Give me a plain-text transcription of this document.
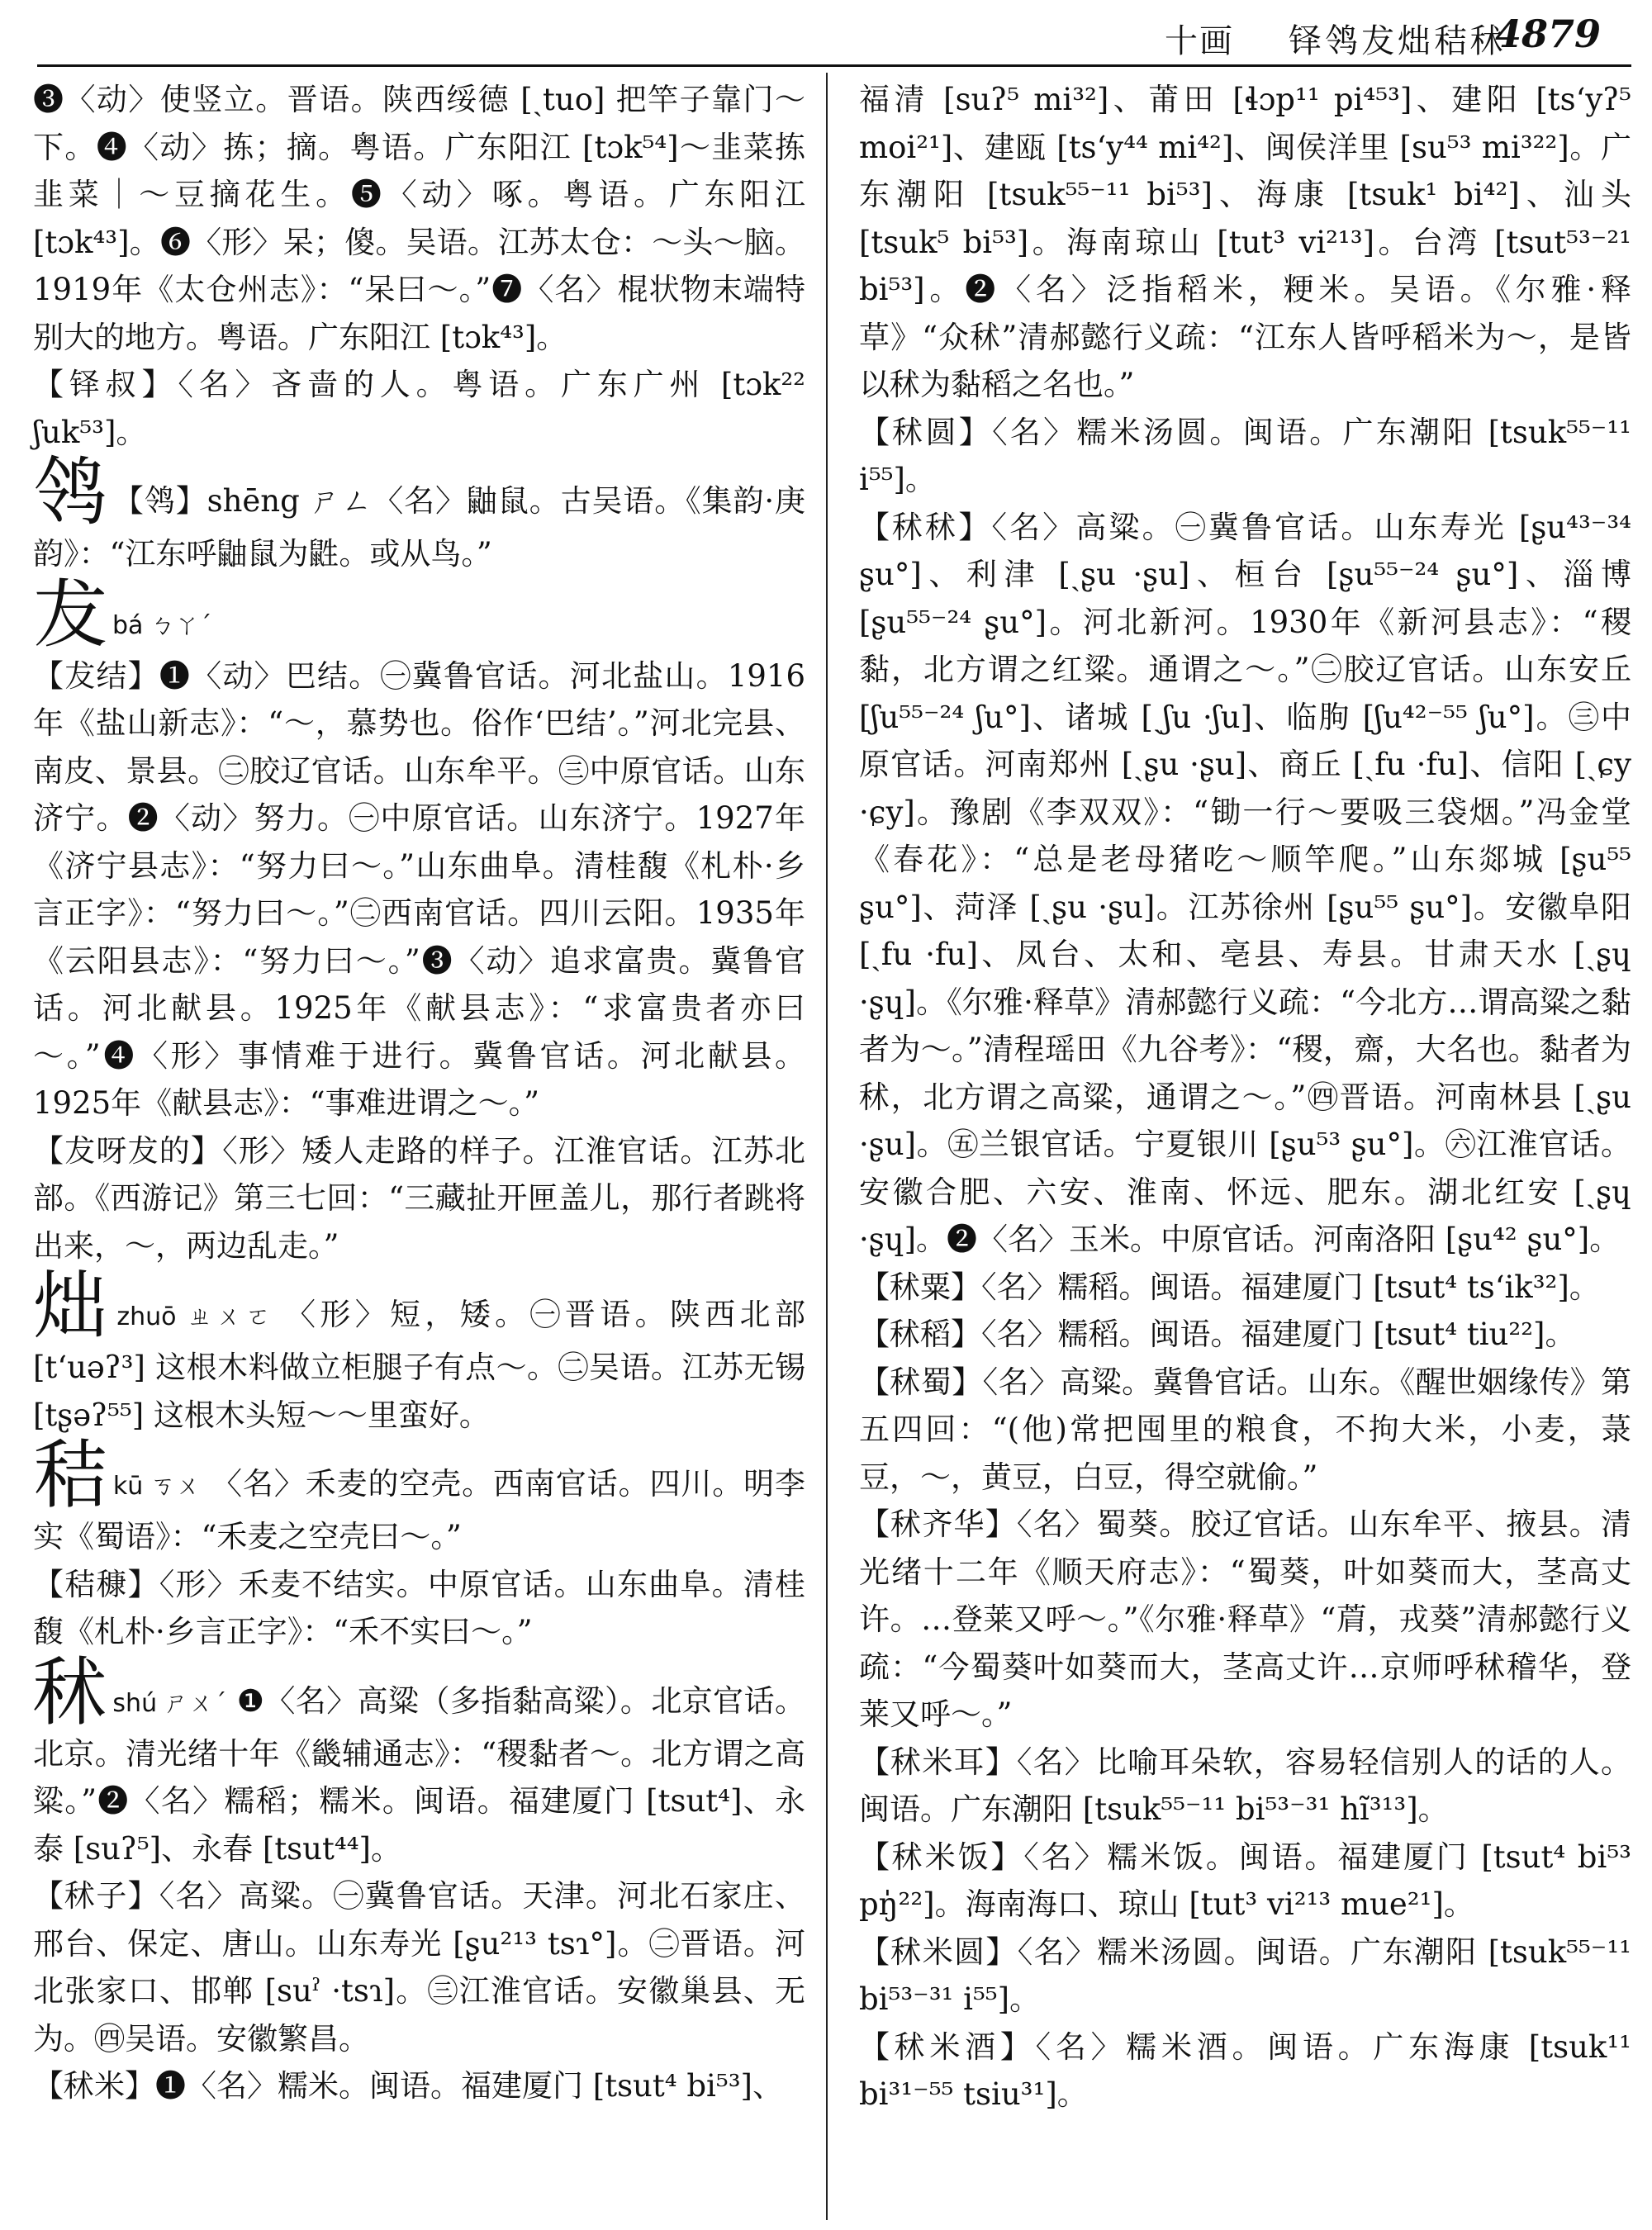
十画 铎鸰犮炪秸秫
4879
❸〈动〉使竖立。晋语。陕西绥德 [ˏtuo] 把竿子靠门～下。❹〈动〉拣；摘。粤语。广东阳江 [tɔk⁵⁴]～韭菜拣韭菜｜～豆摘花生。❺〈动〉啄。粤语。广东阳江 [tɔk⁴³]。❻〈形〉呆；傻。吴语。江苏太仓：～头～脑。1919年《太仓州志》：“呆曰～。”❼〈名〉棍状物末端特别大的地方。粤语。广东阳江 [tɔk⁴³]。
【铎叔】〈名〉吝啬的人。粤语。广东广州 [tɔk²² ʃuk⁵³]。
鸰 【鸰】shēng ㄕㄥ〈名〉鼬鼠。古吴语。《集韵·庚韵》：“江东呼鼬鼠为鼪。或从鸟。”
犮bá ㄅㄚˊ
【犮结】❶〈动〉巴结。㊀冀鲁官话。河北盐山。1916年《盐山新志》：“～，慕势也。俗作‘巴结’。”河北完县、南皮、景县。㊁胶辽官话。山东牟平。㊂中原官话。山东济宁。❷〈动〉努力。㊀中原官话。山东济宁。1927年《济宁县志》：“努力曰～。”山东曲阜。清桂馥《札朴·乡言正字》：“努力曰～。”㊁西南官话。四川云阳。1935年《云阳县志》：“努力曰～。”❸〈动〉追求富贵。冀鲁官话。河北献县。1925年《献县志》：“求富贵者亦曰～。”❹〈形〉事情难于进行。冀鲁官话。河北献县。1925年《献县志》：“事难进谓之～。”
【犮呀犮的】〈形〉矮人走路的样子。江淮官话。江苏北部。《西游记》第三七回：“三藏扯开匣盖儿，那行者跳将出来，～，两边乱走。”
炪zhuō ㄓㄨㄛ 〈形〉短，矮。㊀晋语。陕西北部 [t‘uəʔ³] 这根木料做立柜腿子有点～。㊁吴语。江苏无锡 [tʂəʔ⁵⁵] 这根木头短～～里蛮好。
秸kū ㄎㄨ 〈名〉禾麦的空壳。西南官话。四川。明李实《蜀语》：“禾麦之空壳曰～。”
【秸穅】〈形〉禾麦不结实。中原官话。山东曲阜。清桂馥《札朴·乡言正字》：“禾不实曰～。”
秫shú ㄕㄨˊ ❶〈名〉高粱（多指黏高粱）。北京官话。北京。清光绪十年《畿辅通志》：“稷黏者～。北方谓之高粱。”❷〈名〉糯稻；糯米。闽语。福建厦门 [tsut⁴]、永泰 [suʔ⁵]、永春 [tsut⁴⁴]。
【秫子】〈名〉高粱。㊀冀鲁官话。天津。河北石家庄、邢台、保定、唐山。山东寿光 [ʂu²¹³ tsɿ°]。㊁晋语。河北张家口、邯郸 [suˀ ·tsɿ]。㊂江淮官话。安徽巢县、无为。㊃吴语。安徽繁昌。
【秫米】❶〈名〉糯米。闽语。福建厦门 [tsut⁴ bi⁵³]、
福清 [suʔ⁵ mi³²]、莆田 [ɬɔp¹¹ pi⁴⁵³]、建阳 [ts‘yʔ⁵ moi²¹]、建瓯 [ts‘y⁴⁴ mi⁴²]、闽侯洋里 [su⁵³ mi³²²]。广东潮阳 [tsuk⁵⁵⁻¹¹ bi⁵³]、海康 [tsuk¹ bi⁴²]、汕头 [tsuk⁵ bi⁵³]。海南琼山 [tut³ vi²¹³]。台湾 [tsut⁵³⁻²¹ bi⁵³]。❷〈名〉泛指稻米，粳米。吴语。《尔雅·释草》“众秫”清郝懿行义疏：“江东人皆呼稻米为～，是皆以秫为黏稻之名也。”
【秫圆】〈名〉糯米汤圆。闽语。广东潮阳 [tsuk⁵⁵⁻¹¹ i⁵⁵]。
【秫秫】〈名〉高粱。㊀冀鲁官话。山东寿光 [ʂu⁴³⁻³⁴ ʂu°]、利津 [ˏʂu ·ʂu]、桓台 [ʂu⁵⁵⁻²⁴ ʂu°]、淄博 [ʂu⁵⁵⁻²⁴ ʂu°]。河北新河。1930年《新河县志》：“稷黏，北方谓之红粱。通谓之～。”㊁胶辽官话。山东安丘 [ʃu⁵⁵⁻²⁴ ʃu°]、诸城 [ˏʃu ·ʃu]、临朐 [ʃu⁴²⁻⁵⁵ ʃu°]。㊂中原官话。河南郑州 [ˏʂu ·ʂu]、商丘 [ˏfu ·fu]、信阳 [ˏɕy ·ɕy]。豫剧《李双双》：“锄一行～要吸三袋烟。”冯金堂《春花》：“总是老母猪吃～顺竿爬。”山东郯城 [ʂu⁵⁵ ʂu°]、菏泽 [ˏʂu ·ʂu]。江苏徐州 [ʂu⁵⁵ ʂu°]。安徽阜阳 [ˏfu ·fu]、凤台、太和、亳县、寿县。甘肃天水 [ˏʂɥ ·ʂɥ]。《尔雅·释草》清郝懿行义疏：“今北方…谓高粱之黏者为～。”清程瑶田《九谷考》：“稷，齋，大名也。黏者为秫，北方谓之高粱，通谓之～。”㊃晋语。河南林县 [ˏʂu ·ʂu]。㊄兰银官话。宁夏银川 [ʂu⁵³ ʂu°]。㊅江淮官话。安徽合肥、六安、淮南、怀远、肥东。湖北红安 [ˏʂɥ ·ʂɥ]。❷〈名〉玉米。中原官话。河南洛阳 [ʂu⁴² ʂu°]。
【秫粟】〈名〉糯稻。闽语。福建厦门 [tsut⁴ ts‘ik³²]。
【秫稻】〈名〉糯稻。闽语。福建厦门 [tsut⁴ tiu²²]。
【秫蜀】〈名〉高粱。冀鲁官话。山东。《醒世姻缘传》第五四回：“(他)常把囤里的粮食，不拘大米，小麦，菉豆，～，黄豆，白豆，得空就偷。”
【秫齐华】〈名〉蜀葵。胶辽官话。山东牟平、掖县。清光绪十二年《顺天府志》：“蜀葵，叶如葵而大，茎高丈许。…登莱又呼～。”《尔雅·释草》“菺，戎葵”清郝懿行义疏：“今蜀葵叶如葵而大，茎高丈许…京师呼秫稽华，登莱又呼～。”
【秫米耳】〈名〉比喻耳朵软，容易轻信别人的话的人。闽语。广东潮阳 [tsuk⁵⁵⁻¹¹ bi⁵³⁻³¹ hĩ³¹³]。
【秫米饭】〈名〉糯米饭。闽语。福建厦门 [tsut⁴ bi⁵³ pŋ̍²²]。海南海口、琼山 [tut³ vi²¹³ mue²¹]。
【秫米圆】〈名〉糯米汤圆。闽语。广东潮阳 [tsuk⁵⁵⁻¹¹ bi⁵³⁻³¹ i⁵⁵]。
【秫米酒】〈名〉糯米酒。闽语。广东海康 [tsuk¹¹ bi³¹⁻⁵⁵ tsiu³¹]。
